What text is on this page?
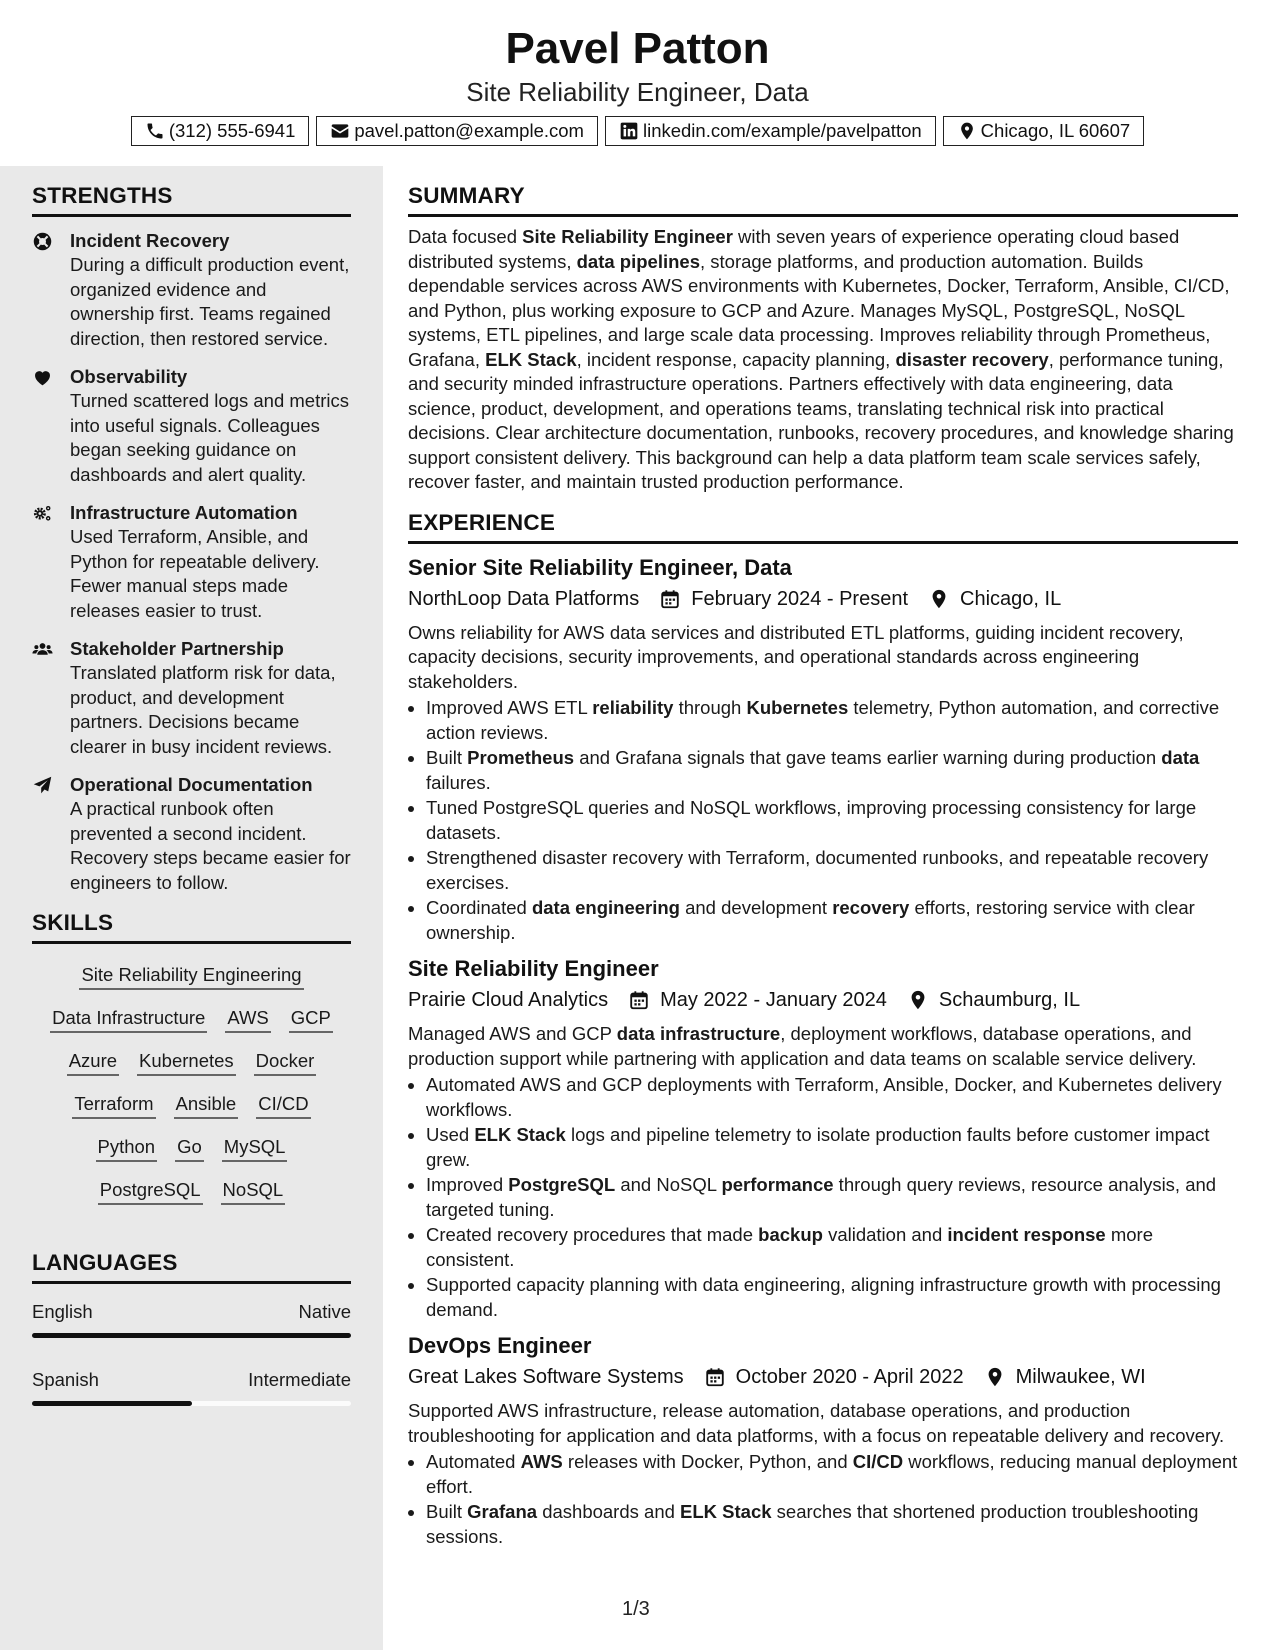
Pavel Patton
Site Reliability Engineer, Data
(312) 555-6941	pavel.patton@example.com	linkedin.com/example/pavelpatton	Chicago, IL 60607
STRENGTHS
Incident Recovery
During a difficult production event, organized evidence and ownership first. Teams regained direction, then restored service.
Observability
Turned scattered logs and metrics into useful signals. Colleagues began seeking guidance on dashboards and alert quality.
Infrastructure Automation
Used Terraform, Ansible, and Python for repeatable delivery. Fewer manual steps made releases easier to trust.
Stakeholder Partnership
Translated platform risk for data, product, and development partners. Decisions became clearer in busy incident reviews.
Operational Documentation
A practical runbook often prevented a second incident. Recovery steps became easier for engineers to follow.
SKILLS
Site Reliability Engineering
Data Infrastructure AWS GCP
Azure Kubernetes Docker
Terraform Ansible CI/CD
Python Go MySQL
PostgreSQL NoSQL
LANGUAGES
English	Native
Spanish	Intermediate
SUMMARY
Data focused Site Reliability Engineer with seven years of experience operating cloud based distributed systems, data pipelines, storage platforms, and production automation. Builds dependable services across AWS environments with Kubernetes, Docker, Terraform, Ansible, CI/CD, and Python, plus working exposure to GCP and Azure. Manages MySQL, PostgreSQL, NoSQL systems, ETL pipelines, and large scale data processing. Improves reliability through Prometheus, Grafana, ELK Stack, incident response, capacity planning, disaster recovery, performance tuning, and security minded infrastructure operations. Partners effectively with data engineering, data science, product, development, and operations teams, translating technical risk into practical decisions. Clear architecture documentation, runbooks, recovery procedures, and knowledge sharing support consistent delivery. This background can help a data platform team scale services safely, recover faster, and maintain trusted production performance.
EXPERIENCE
Senior Site Reliability Engineer, Data
NorthLoop Data Platforms	February 2024 - Present	Chicago, IL
Owns reliability for AWS data services and distributed ETL platforms, guiding incident recovery, capacity decisions, security improvements, and operational standards across engineering stakeholders.
• Improved AWS ETL reliability through Kubernetes telemetry, Python automation, and corrective action reviews.
• Built Prometheus and Grafana signals that gave teams earlier warning during production data failures.
• Tuned PostgreSQL queries and NoSQL workflows, improving processing consistency for large datasets.
• Strengthened disaster recovery with Terraform, documented runbooks, and repeatable recovery exercises.
• Coordinated data engineering and development recovery efforts, restoring service with clear ownership.
Site Reliability Engineer
Prairie Cloud Analytics	May 2022 - January 2024	Schaumburg, IL
Managed AWS and GCP data infrastructure, deployment workflows, database operations, and production support while partnering with application and data teams on scalable service delivery.
• Automated AWS and GCP deployments with Terraform, Ansible, Docker, and Kubernetes delivery workflows.
• Used ELK Stack logs and pipeline telemetry to isolate production faults before customer impact grew.
• Improved PostgreSQL and NoSQL performance through query reviews, resource analysis, and targeted tuning.
• Created recovery procedures that made backup validation and incident response more consistent.
• Supported capacity planning with data engineering, aligning infrastructure growth with processing demand.
DevOps Engineer
Great Lakes Software Systems	October 2020 - April 2022	Milwaukee, WI
Supported AWS infrastructure, release automation, database operations, and production troubleshooting for application and data platforms, with a focus on repeatable delivery and recovery.
• Automated AWS releases with Docker, Python, and CI/CD workflows, reducing manual deployment effort.
• Built Grafana dashboards and ELK Stack searches that shortened production troubleshooting sessions.
1/3
